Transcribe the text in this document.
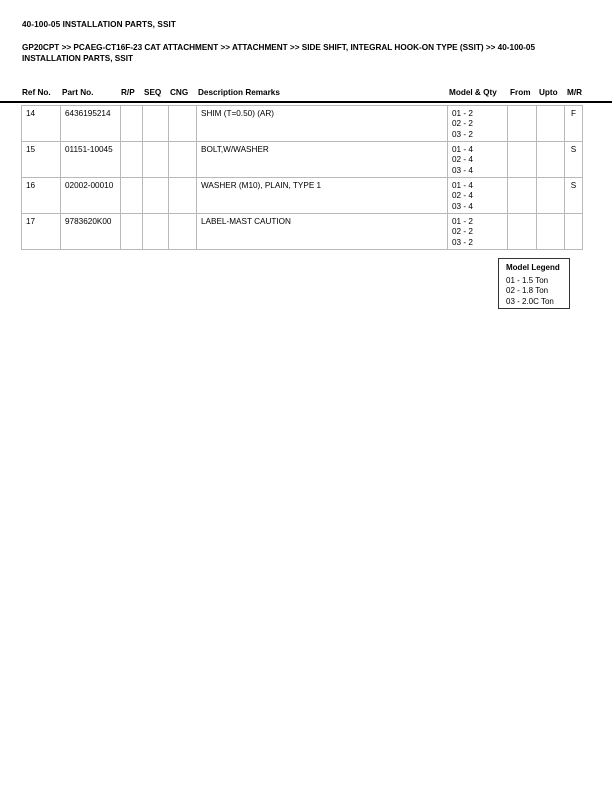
40-100-05 INSTALLATION PARTS, SSIT
GP20CPT >> PCAEG-CT16F-23 CAT ATTACHMENT >> ATTACHMENT >> SIDE SHIFT, INTEGRAL HOOK-ON TYPE (SSIT) >> 40-100-05 INSTALLATION PARTS, SSIT
Ref No. Part No.	R/P SEQ CNG Description Remarks	Model & Qty From Upto M/R
14	6436195214				SHIM (T=0.50) (AR)	01 - 2
02 - 2
03 - 2			F
15	01151-10045				BOLT,W/WASHER	01 - 4
02 - 4
03 - 4			S
16	02002-00010				WASHER (M10), PLAIN, TYPE 1	01 - 4
02 - 4
03 - 4			S
17	9783620K00				LABEL-MAST CAUTION	01 - 2
02 - 2
03 - 2			

Model Legend
01 - 1.5 Ton
02 - 1.8 Ton
03 - 2.0C Ton
